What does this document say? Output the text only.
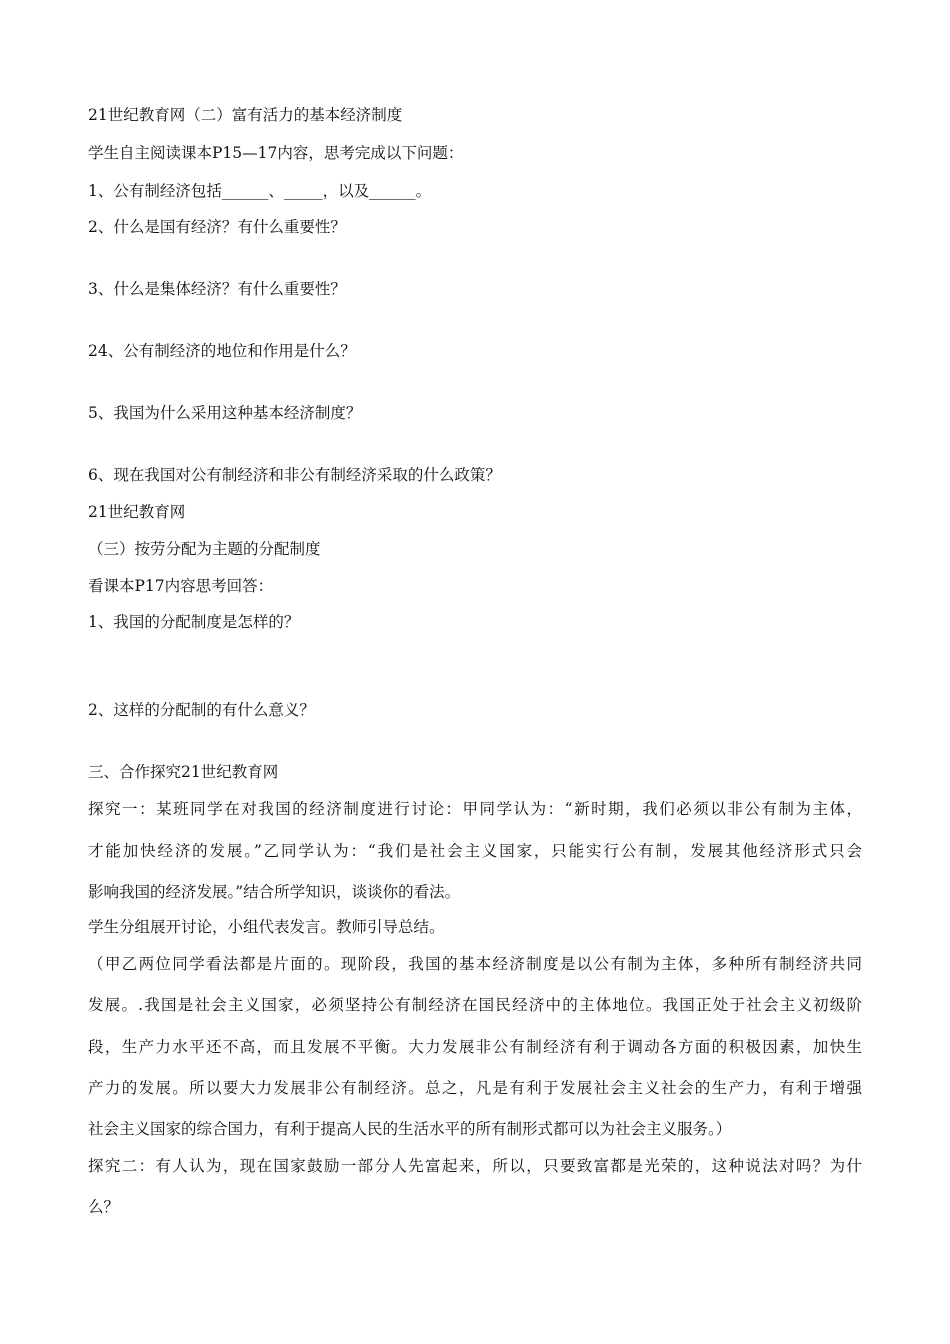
21世纪教育网（二）富有活力的基本经济制度
学生自主阅读课本P15—17内容，思考完成以下问题：
1、公有制经济包括______、_____，以及______。
2、什么是国有经济？有什么重要性？
3、什么是集体经济？有什么重要性？
24、公有制经济的地位和作用是什么？
5、我国为什么采用这种基本经济制度？
6、现在我国对公有制经济和非公有制经济采取的什么政策？
21世纪教育网
（三）按劳分配为主题的分配制度
看课本P17内容思考回答：
1、我国的分配制度是怎样的？
2、这样的分配制的有什么意义？
三、合作探究21世纪教育网
探究一：某班同学在对我国的经济制度进行讨论：甲同学认为：“新时期，我们必须以非公有制为主体，
才能加快经济的发展。”乙同学认为：“我们是社会主义国家，只能实行公有制，发展其他经济形式只会
影响我国的经济发展。”结合所学知识，谈谈你的看法。
学生分组展开讨论，小组代表发言。教师引导总结。
（甲乙两位同学看法都是片面的。现阶段，我国的基本经济制度是以公有制为主体，多种所有制经济共同
发展。.我国是社会主义国家，必须坚持公有制经济在国民经济中的主体地位。我国正处于社会主义初级阶
段，生产力水平还不高，而且发展不平衡。大力发展非公有制经济有利于调动各方面的积极因素，加快生
产力的发展。所以要大力发展非公有制经济。总之，凡是有利于发展社会主义社会的生产力，有利于增强
社会主义国家的综合国力，有利于提高人民的生活水平的所有制形式都可以为社会主义服务。）
探究二：有人认为，现在国家鼓励一部分人先富起来，所以，只要致富都是光荣的，这种说法对吗？为什
么？
